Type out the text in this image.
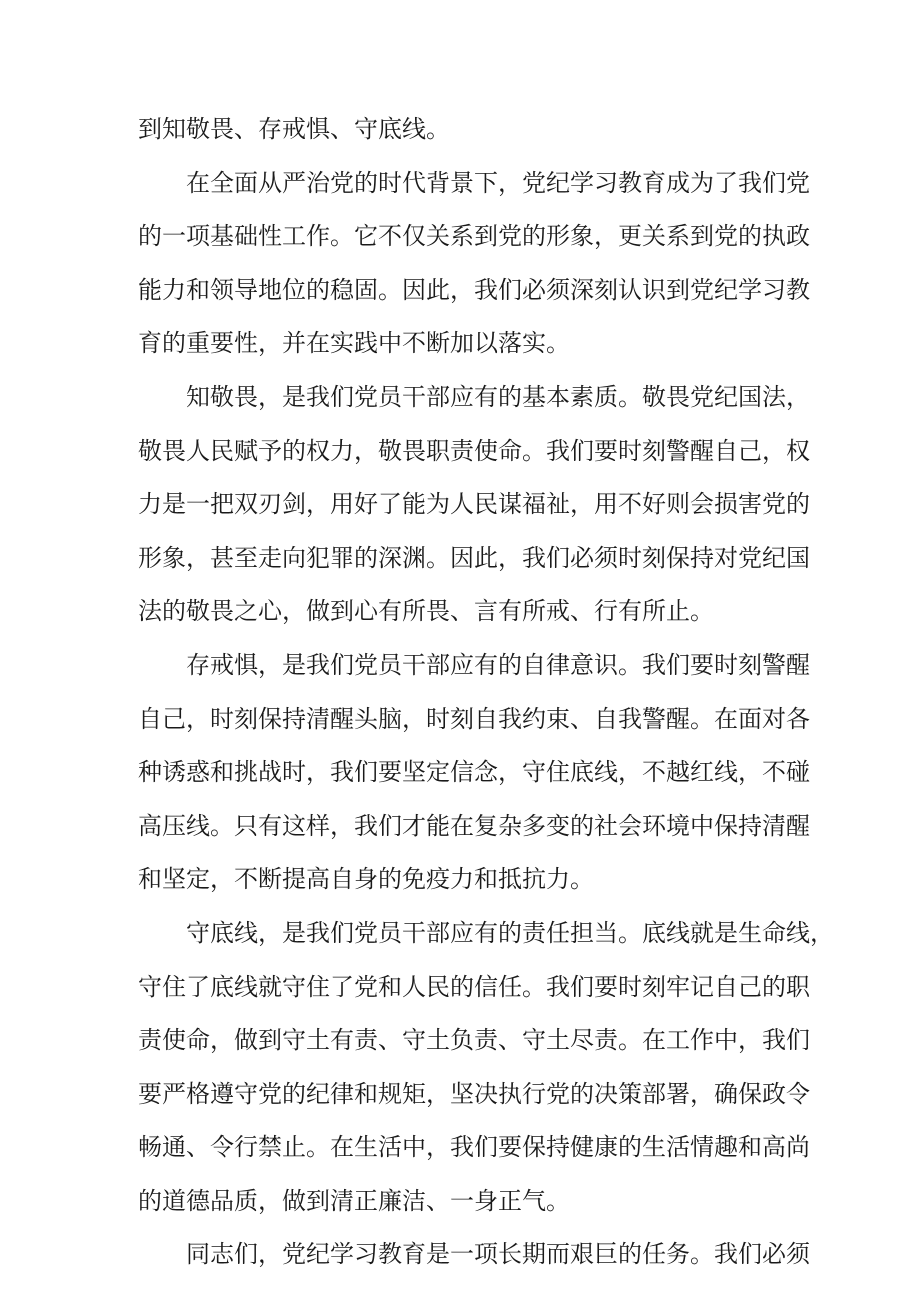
到知敬畏、存戒惧、守底线。
在全面从严治党的时代背景下，党纪学习教育成为了我们党
的一项基础性工作。它不仅关系到党的形象，更关系到党的执政
能力和领导地位的稳固。因此，我们必须深刻认识到党纪学习教
育的重要性，并在实践中不断加以落实。
知敬畏，是我们党员干部应有的基本素质。敬畏党纪国法，
敬畏人民赋予的权力，敬畏职责使命。我们要时刻警醒自己，权
力是一把双刃剑，用好了能为人民谋福祉，用不好则会损害党的
形象，甚至走向犯罪的深渊。因此，我们必须时刻保持对党纪国
法的敬畏之心，做到心有所畏、言有所戒、行有所止。
存戒惧，是我们党员干部应有的自律意识。我们要时刻警醒
自己，时刻保持清醒头脑，时刻自我约束、自我警醒。在面对各
种诱惑和挑战时，我们要坚定信念，守住底线，不越红线，不碰
高压线。只有这样，我们才能在复杂多变的社会环境中保持清醒
和坚定，不断提高自身的免疫力和抵抗力。
守底线，是我们党员干部应有的责任担当。底线就是生命线，
守住了底线就守住了党和人民的信任。我们要时刻牢记自己的职
责使命，做到守土有责、守土负责、守土尽责。在工作中，我们
要严格遵守党的纪律和规矩，坚决执行党的决策部署，确保政令
畅通、令行禁止。在生活中，我们要保持健康的生活情趣和高尚
的道德品质，做到清正廉洁、一身正气。
同志们，党纪学习教育是一项长期而艰巨的任务。我们必须
